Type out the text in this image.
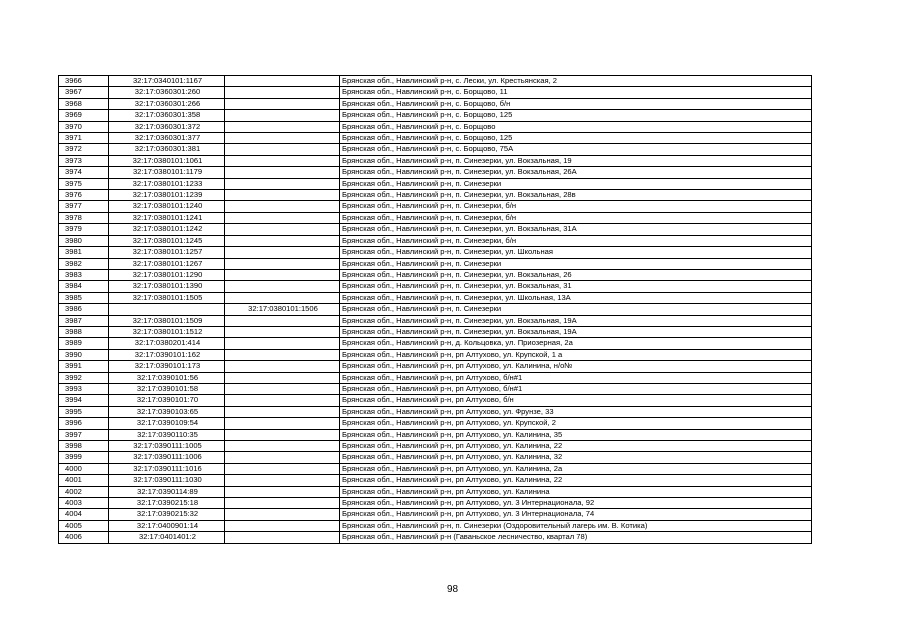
3966	32:17:0340101:1167		Брянская обл., Навлинский р-н, с. Лески, ул. Крестьянская, 2
3967	32:17:0360301:260		Брянская обл., Навлинский р-н, с. Борщово, 11
3968	32:17:0360301:266		Брянская обл., Навлинский р-н, с. Борщово, б/н
3969	32:17:0360301:358		Брянская обл., Навлинский р-н, с. Борщово, 125
3970	32:17:0360301:372		Брянская обл., Навлинский р-н, с. Борщово
3971	32:17:0360301:377		Брянская обл., Навлинский р-н, с. Борщово, 125
3972	32:17:0360301:381		Брянская обл., Навлинский р-н, с. Борщово, 75А
3973	32:17:0380101:1061		Брянская обл., Навлинский р-н, п. Синезерки, ул. Вокзальная, 19
3974	32:17:0380101:1179		Брянская обл., Навлинский р-н, п. Синезерки, ул. Вокзальная, 26А
3975	32:17:0380101:1233		Брянская обл., Навлинский р-н, п. Синезерки
3976	32:17:0380101:1239		Брянская обл., Навлинский р-н, п. Синезерки, ул. Вокзальная, 28в
3977	32:17:0380101:1240		Брянская обл., Навлинский р-н, п. Синезерки, б/н
3978	32:17:0380101:1241		Брянская обл., Навлинский р-н, п. Синезерки, б/н
3979	32:17:0380101:1242		Брянская обл., Навлинский р-н, п. Синезерки, ул. Вокзальная, 31А
3980	32:17:0380101:1245		Брянская обл., Навлинский р-н, п. Синезерки, б/н
3981	32:17:0380101:1257		Брянская обл., Навлинский р-н, п. Синезерки, ул. Школьная
3982	32:17:0380101:1267		Брянская обл., Навлинский р-н, п. Синезерки
3983	32:17:0380101:1290		Брянская обл., Навлинский р-н, п. Синезерки, ул. Вокзальная, 26
3984	32:17:0380101:1390		Брянская обл., Навлинский р-н, п. Синезерки, ул. Вокзальная, 31
3985	32:17:0380101:1505		Брянская обл., Навлинский р-н, п. Синезерки, ул. Школьная, 13А
3986		32:17:0380101:1506	Брянская обл., Навлинский р-н, п. Синезерки
3987	32:17:0380101:1509		Брянская обл., Навлинский р-н, п. Синезерки, ул. Вокзальная, 19А
3988	32:17:0380101:1512		Брянская обл., Навлинский р-н, п. Синезерки, ул. Вокзальная, 19А
3989	32:17:0380201:414		Брянская обл., Навлинский р-н, д. Кольцовка, ул. Приозерная, 2а
3990	32:17:0390101:162		Брянская обл., Навлинский р-н, рп Алтухово, ул. Крупской, 1 а
3991	32:17:0390101:173		Брянская обл., Навлинский р-н, рп Алтухово, ул. Калинина, н/о№
3992	32:17:0390101:56		Брянская обл., Навлинский р-н, рп Алтухово, б/н#1
3993	32:17:0390101:58		Брянская обл., Навлинский р-н, рп Алтухово, б/н#1
3994	32:17:0390101:70		Брянская обл., Навлинский р-н, рп Алтухово, б/н
3995	32:17:0390103:65		Брянская обл., Навлинский р-н, рп Алтухово, ул. Фрунзе, 33
3996	32:17:0390109:54		Брянская обл., Навлинский р-н, рп Алтухово, ул. Крупской, 2
3997	32:17:0390110:35		Брянская обл., Навлинский р-н, рп Алтухово, ул. Калинина, 35
3998	32:17:0390111:1005		Брянская обл., Навлинский р-н, рп Алтухово, ул. Калинина, 22
3999	32:17:0390111:1006		Брянская обл., Навлинский р-н, рп Алтухово, ул. Калинина, 32
4000	32:17:0390111:1016		Брянская обл., Навлинский р-н, рп Алтухово, ул. Калинина, 2а
4001	32:17:0390111:1030		Брянская обл., Навлинский р-н, рп Алтухово, ул. Калинина, 22
4002	32:17:0390114:89		Брянская обл., Навлинский р-н, рп Алтухово, ул. Калинина
4003	32:17:0390215:18		Брянская обл., Навлинский р-н, рп Алтухово, ул. 3 Интернационала, 92
4004	32:17:0390215:32		Брянская обл., Навлинский р-н, рп Алтухово, ул. 3 Интернационала, 74
4005	32:17:0400901:14		Брянская обл., Навлинский р-н, п. Синезерки (Оздоровительный лагерь им. В. Котика)
4006	32:17:0401401:2		Брянская обл., Навлинский р-н (Гаваньское лесничество, квартал 78)
98
